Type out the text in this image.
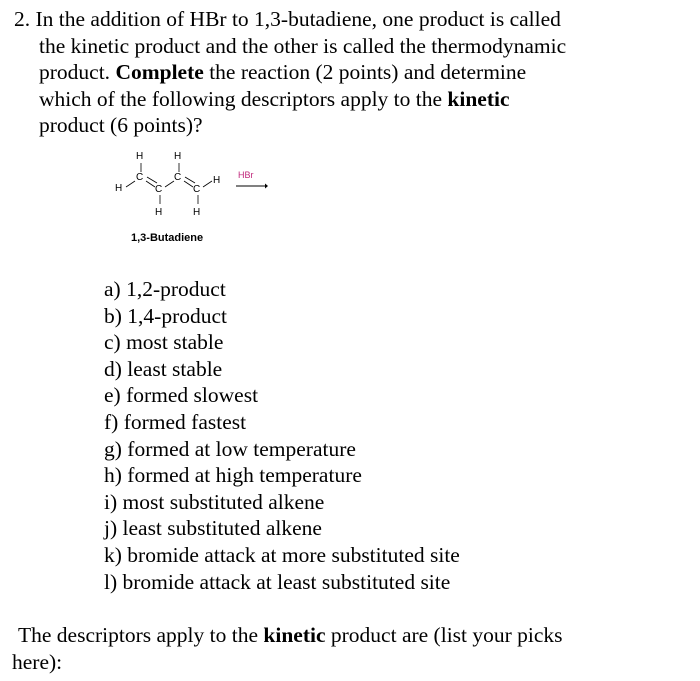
2. In the addition of HBr to 1,3-butadiene, one product is called
the kinetic product and the other is called the thermodynamic
product. Complete the reaction (2 points) and determine
which of the following descriptors apply to the kinetic
product (6 points)?
H	H
C	C
H	C	C
H
H	H
HBr
1,3-Butadiene
a) 1,2-product
b) 1,4-product
c) most stable
d) least stable
e) formed slowest
f) formed fastest
g) formed at low temperature
h) formed at high temperature
i) most substituted alkene
j) least substituted alkene
k) bromide attack at more substituted site
l) bromide attack at least substituted site
The descriptors apply to the kinetic product are (list your picks
here):
